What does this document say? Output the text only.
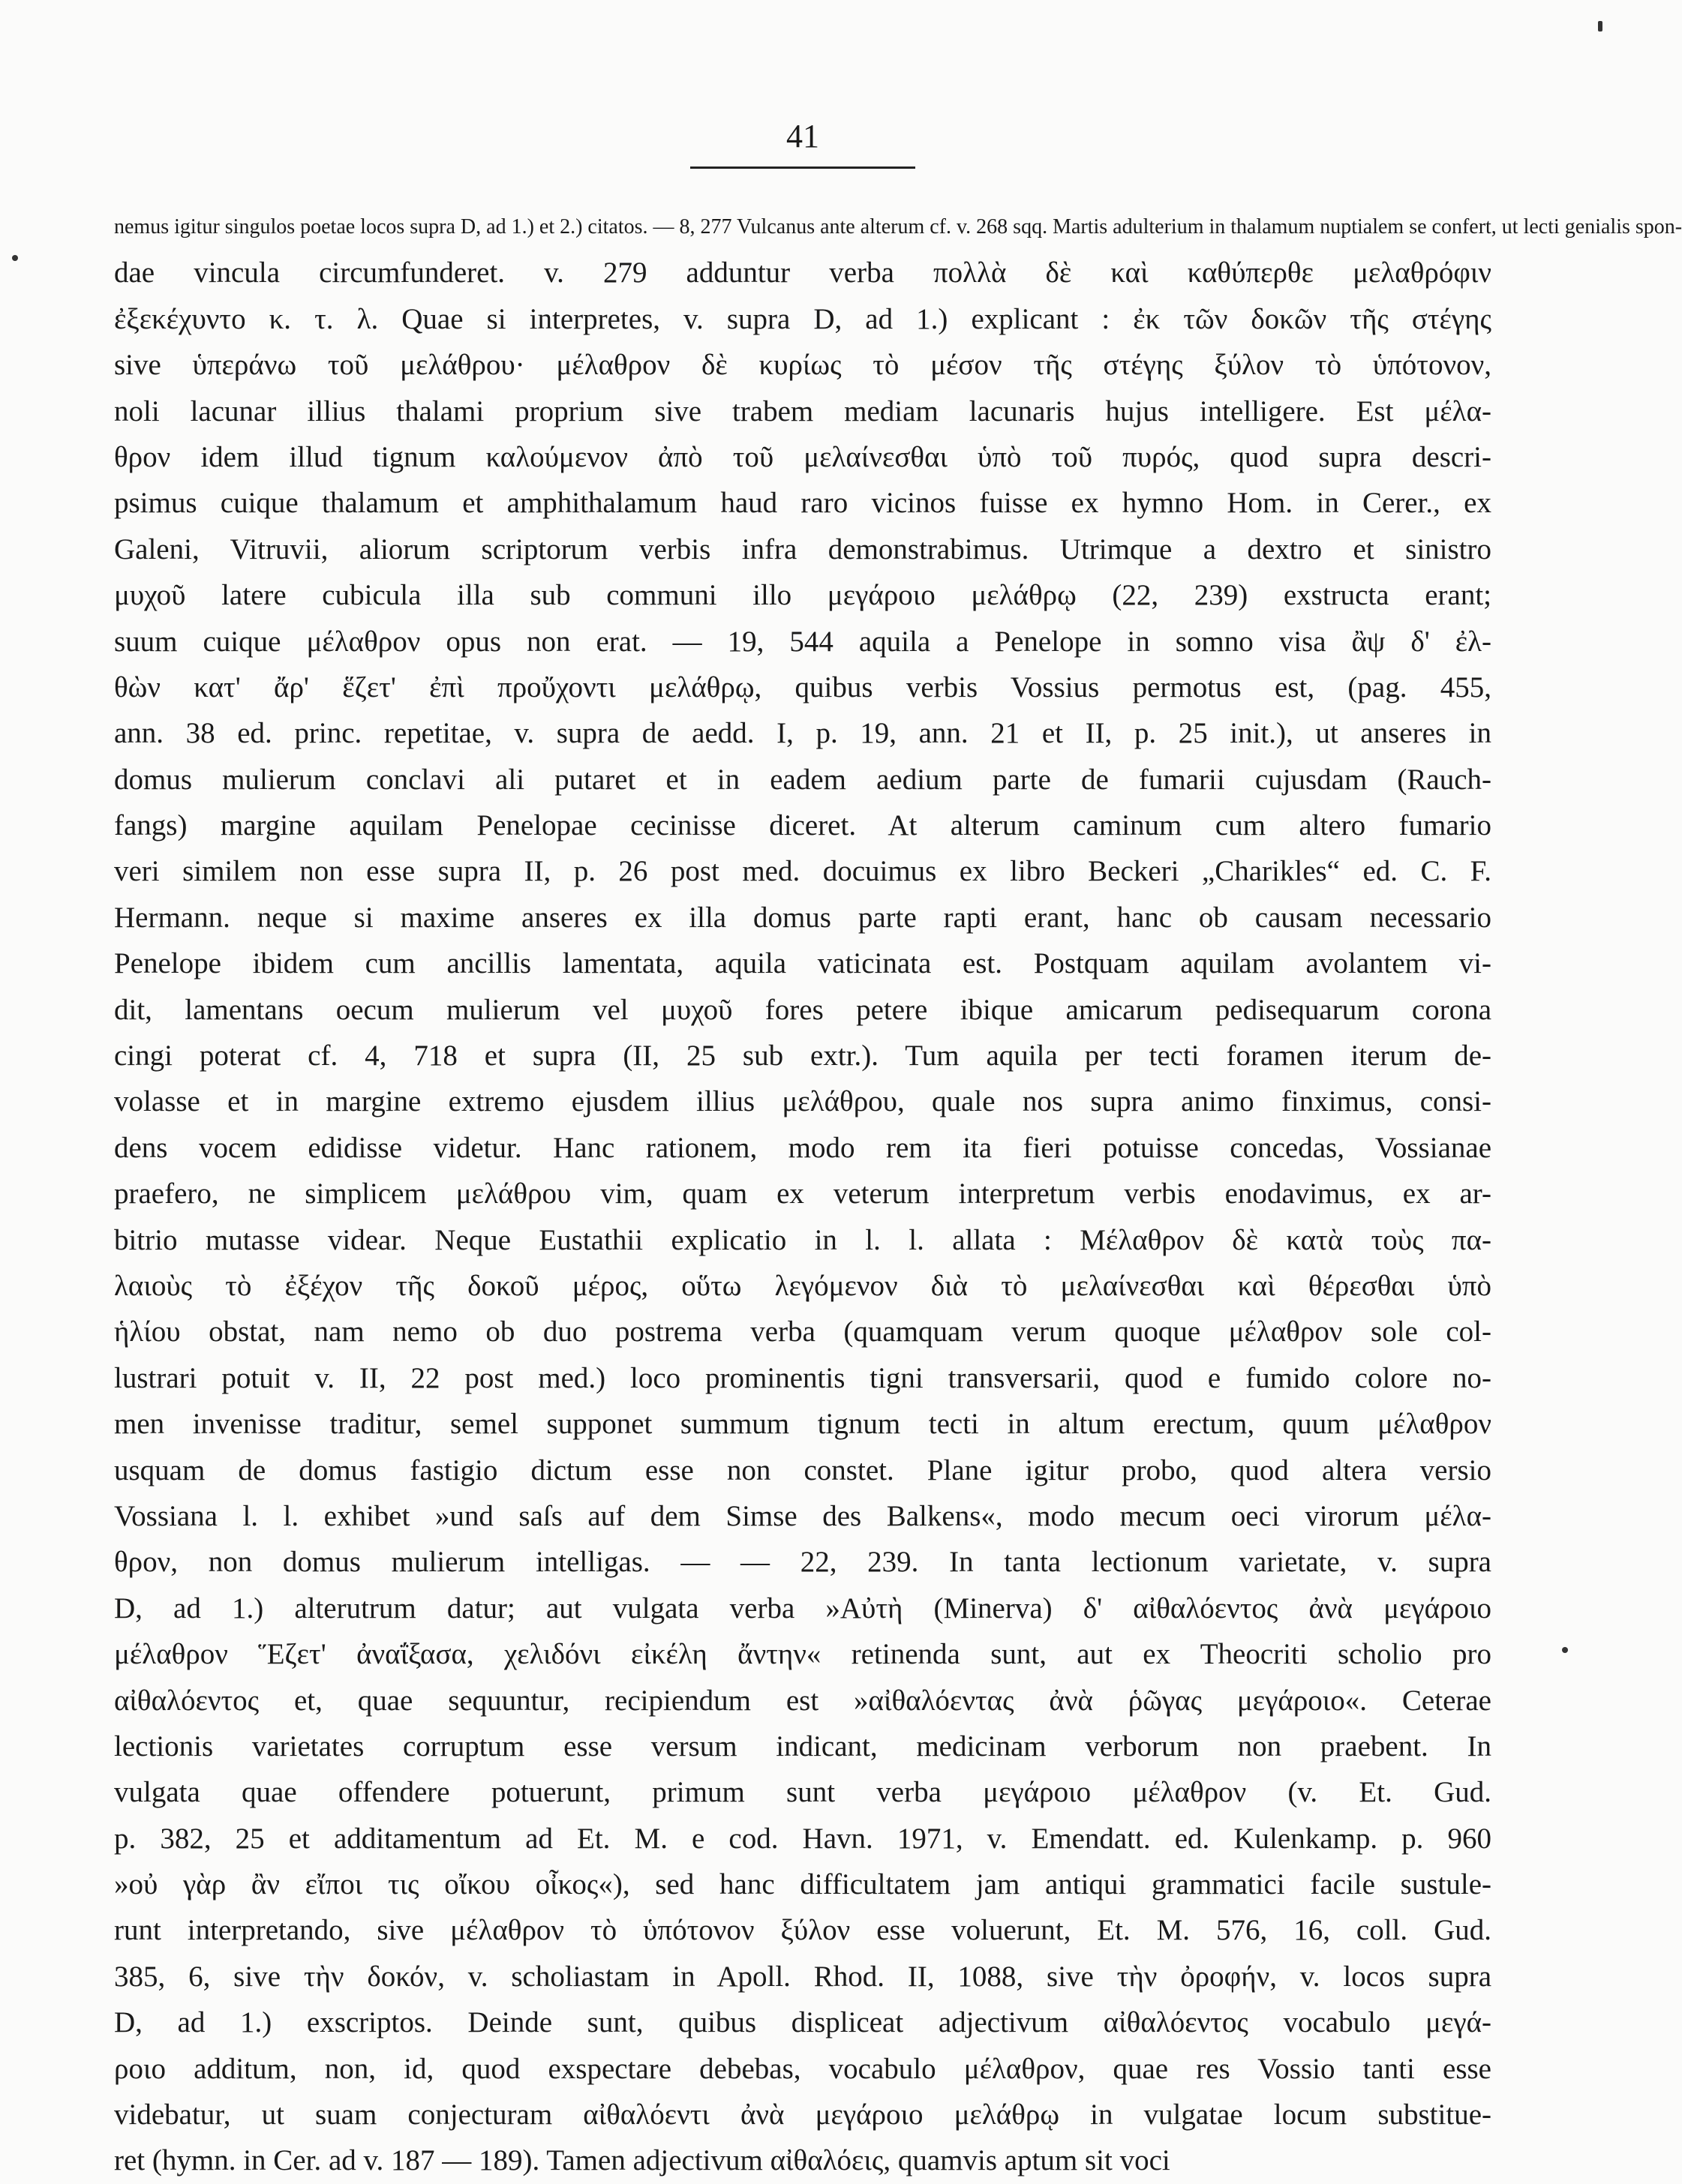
41
nemus igitur singulos poetae locos supra D, ad 1.) et 2.) citatos. — 8, 277 Vulcanus ante alterum cf. v. 268 sqq. Martis adulterium in thalamum nuptialem se confert, ut lecti genialis spon-
dae vincula circumfunderet. v. 279 adduntur verba πολλὰ δὲ καὶ καθύπερθε μελαθρόφιν
ἐξεκέχυντο κ. τ. λ. Quae si interpretes, v. supra D, ad 1.) explicant : ἐκ τῶν δοκῶν τῆς στέγης
sive ὑπεράνω τοῦ μελάθρου· μέλαθρον δὲ κυρίως τὸ μέσον τῆς στέγης ξύλον τὸ ὑπότονον,
noli lacunar illius thalami proprium sive trabem mediam lacunaris hujus intelligere. Est μέλα-
θρον idem illud tignum καλούμενον ἀπὸ τοῦ μελαίνεσθαι ὑπὸ τοῦ πυρός, quod supra descri-
psimus cuique thalamum et amphithalamum haud raro vicinos fuisse ex hymno Hom. in Cerer., ex
Galeni, Vitruvii, aliorum scriptorum verbis infra demonstrabimus. Utrimque a dextro et sinistro
μυχοῦ latere cubicula illa sub communi illo μεγάροιο μελάθρῳ (22, 239) exstructa erant;
suum cuique μέλαθρον opus non erat. — 19, 544 aquila a Penelope in somno visa ἂψ δ' ἐλ-
θὼν κατ' ἄρ' ἕζετ' ἐπὶ προὔχοντι μελάθρῳ, quibus verbis Vossius permotus est, (pag. 455,
ann. 38 ed. princ. repetitae, v. supra de aedd. I, p. 19, ann. 21 et II, p. 25 init.), ut anseres in
domus mulierum conclavi ali putaret et in eadem aedium parte de fumarii cujusdam (Rauch-
fangs) margine aquilam Penelopae cecinisse diceret. At alterum caminum cum altero fumario
veri similem non esse supra II, p. 26 post med. docuimus ex libro Beckeri „Charikles“ ed. C. F.
Hermann. neque si maxime anseres ex illa domus parte rapti erant, hanc ob causam necessario
Penelope ibidem cum ancillis lamentata, aquila vaticinata est. Postquam aquilam avolantem vi-
dit, lamentans oecum mulierum vel μυχοῦ fores petere ibique amicarum pedisequarum corona
cingi poterat cf. 4, 718 et supra (II, 25 sub extr.). Tum aquila per tecti foramen iterum de-
volasse et in margine extremo ejusdem illius μελάθρου, quale nos supra animo finximus, consi-
dens vocem edidisse videtur. Hanc rationem, modo rem ita fieri potuisse concedas, Vossianae
praefero, ne simplicem μελάθρου vim, quam ex veterum interpretum verbis enodavimus, ex ar-
bitrio mutasse videar. Neque Eustathii explicatio in l. l. allata : Μέλαθρον δὲ κατὰ τοὺς πα-
λαιοὺς τὸ ἐξέχον τῆς δοκοῦ μέρος, οὕτω λεγόμενον διὰ τὸ μελαίνεσθαι καὶ θέρεσθαι ὑπὸ
ἡλίου obstat, nam nemo ob duo postrema verba (quamquam verum quoque μέλαθρον sole col-
lustrari potuit v. II, 22 post med.) loco prominentis tigni transversarii, quod e fumido colore no-
men invenisse traditur, semel supponet summum tignum tecti in altum erectum, quum μέλαθρον
usquam de domus fastigio dictum esse non constet. Plane igitur probo, quod altera versio
Vossiana l. l. exhibet »und saſs auf dem Simse des Balkens«, modo mecum oeci virorum μέλα-
θρον, non domus mulierum intelligas. — — 22, 239. In tanta lectionum varietate, v. supra
D, ad 1.) alterutrum datur; aut vulgata verba »Αὐτὴ (Minerva) δ' αἰθαλόεντος ἀνὰ μεγάροιο
μέλαθρον Ἕζετ' ἀναΐξασα, χελιδόνι εἰκέλη ἄντην« retinenda sunt, aut ex Theocriti scholio pro
αἰθαλόεντος et, quae sequuntur, recipiendum est »αἰθαλόεντας ἀνὰ ῥῶγας μεγάροιο«. Ceterae
lectionis varietates corruptum esse versum indicant, medicinam verborum non praebent. In
vulgata quae offendere potuerunt, primum sunt verba μεγάροιο μέλαθρον (v. Et. Gud.
p. 382, 25 et additamentum ad Et. M. e cod. Havn. 1971, v. Emendatt. ed. Kulenkamp. p. 960
»οὐ γὰρ ἂν εἴποι τις οἴκου οἶκος«), sed hanc difficultatem jam antiqui grammatici facile sustule-
runt interpretando, sive μέλαθρον τὸ ὑπότονον ξύλον esse voluerunt, Et. M. 576, 16, coll. Gud.
385, 6, sive τὴν δοκόν, v. scholiastam in Apoll. Rhod. II, 1088, sive τὴν ὀροφήν, v. locos supra
D, ad 1.) exscriptos. Deinde sunt, quibus displiceat adjectivum αἰθαλόεντος vocabulo μεγά-
ροιο additum, non, id, quod exspectare debebas, vocabulo μέλαθρον, quae res Vossio tanti esse
videbatur, ut suam conjecturam αἰθαλόεντι ἀνὰ μεγάροιο μελάθρῳ in vulgatae locum substitue-
ret (hymn. in Cer. ad v. 187 — 189). Tamen adjectivum αἰθαλόεις, quamvis aptum sit voci
